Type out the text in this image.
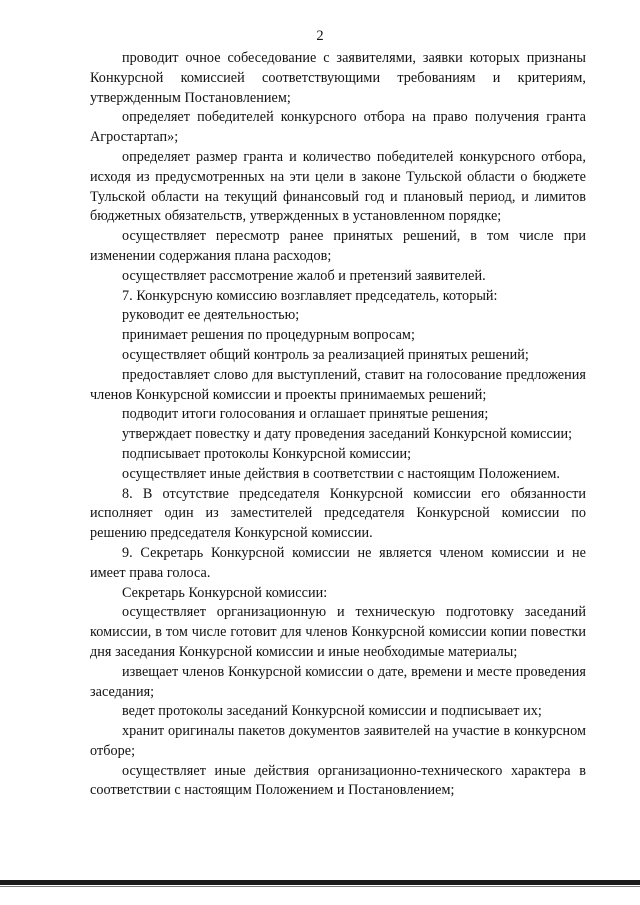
2

проводит очное собеседование с заявителями, заявки которых признаны Конкурсной комиссией соответствующими требованиям и критериям, утвержденным Постановлением;

определяет победителей конкурсного отбора на право получения гранта Агростартап»;

определяет размер гранта и количество победителей конкурсного отбора, исходя из предусмотренных на эти цели в законе Тульской области о бюджете Тульской области на текущий финансовый год и плановый период, и лимитов бюджетных обязательств, утвержденных в установленном порядке;

осуществляет пересмотр ранее принятых решений, в том числе при изменении содержания плана расходов;

осуществляет рассмотрение жалоб и претензий заявителей.

7. Конкурсную комиссию возглавляет председатель, который:

руководит ее деятельностью;

принимает решения по процедурным вопросам;

осуществляет общий контроль за реализацией принятых решений;

предоставляет слово для выступлений, ставит на голосование предложения членов Конкурсной комиссии и проекты принимаемых решений;

подводит итоги голосования и оглашает принятые решения;

утверждает повестку и дату проведения заседаний Конкурсной комиссии;

подписывает протоколы Конкурсной комиссии;

осуществляет иные действия в соответствии с настоящим Положением.

8. В отсутствие председателя Конкурсной комиссии его обязанности исполняет один из заместителей председателя Конкурсной комиссии по решению председателя Конкурсной комиссии.

9. Секретарь Конкурсной комиссии не является членом комиссии и не имеет права голоса.

Секретарь Конкурсной комиссии:

осуществляет организационную и техническую подготовку заседаний комиссии, в том числе готовит для членов Конкурсной комиссии копии повестки дня заседания Конкурсной комиссии и иные необходимые материалы;

извещает членов Конкурсной комиссии о дате, времени и месте проведения заседания;

ведет протоколы заседаний Конкурсной комиссии и подписывает их;

хранит оригиналы пакетов документов заявителей на участие в конкурсном отборе;

осуществляет иные действия организационно-технического характера в соответствии с настоящим Положением и Постановлением;
